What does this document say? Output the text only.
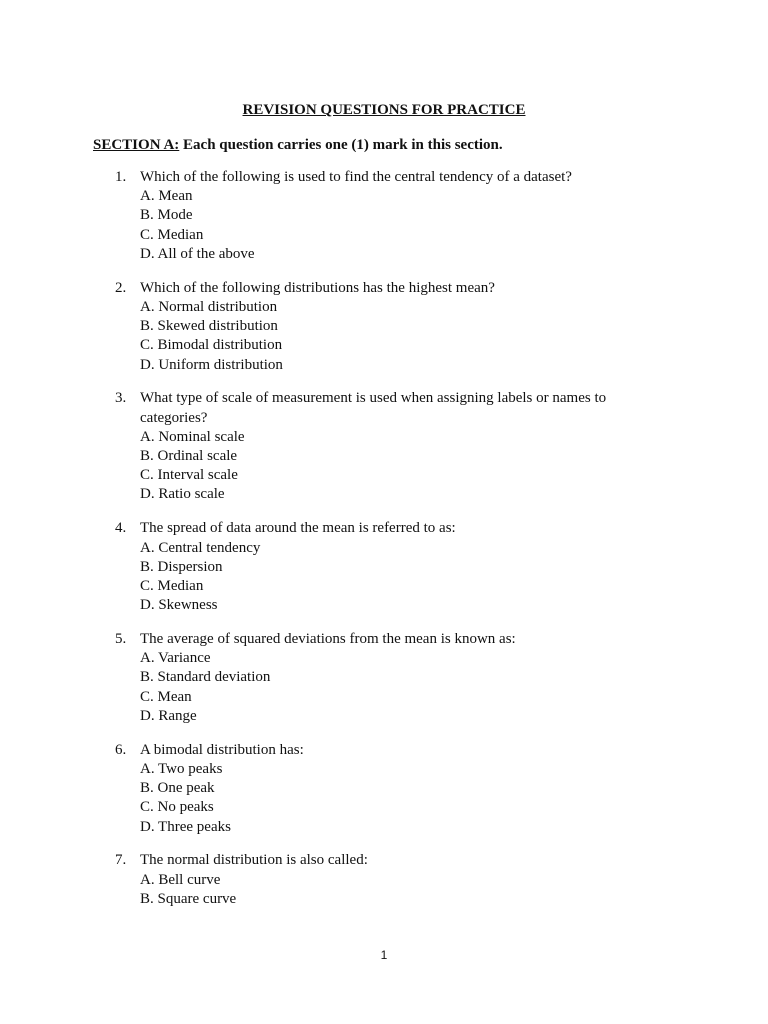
REVISION QUESTIONS FOR PRACTICE

SECTION A: Each question carries one (1) mark in this section.

1. Which of the following is used to find the central tendency of a dataset?
A. Mean
B. Mode
C. Median
D. All of the above
2. Which of the following distributions has the highest mean?
A. Normal distribution
B. Skewed distribution
C. Bimodal distribution
D. Uniform distribution
3. What type of scale of measurement is used when assigning labels or names to categories?
A. Nominal scale
B. Ordinal scale
C. Interval scale
D. Ratio scale
4. The spread of data around the mean is referred to as:
A. Central tendency
B. Dispersion
C. Median
D. Skewness
5. The average of squared deviations from the mean is known as:
A. Variance
B. Standard deviation
C. Mean
D. Range
6. A bimodal distribution has:
A. Two peaks
B. One peak
C. No peaks
D. Three peaks
7. The normal distribution is also called:
A. Bell curve
B. Square curve
1
